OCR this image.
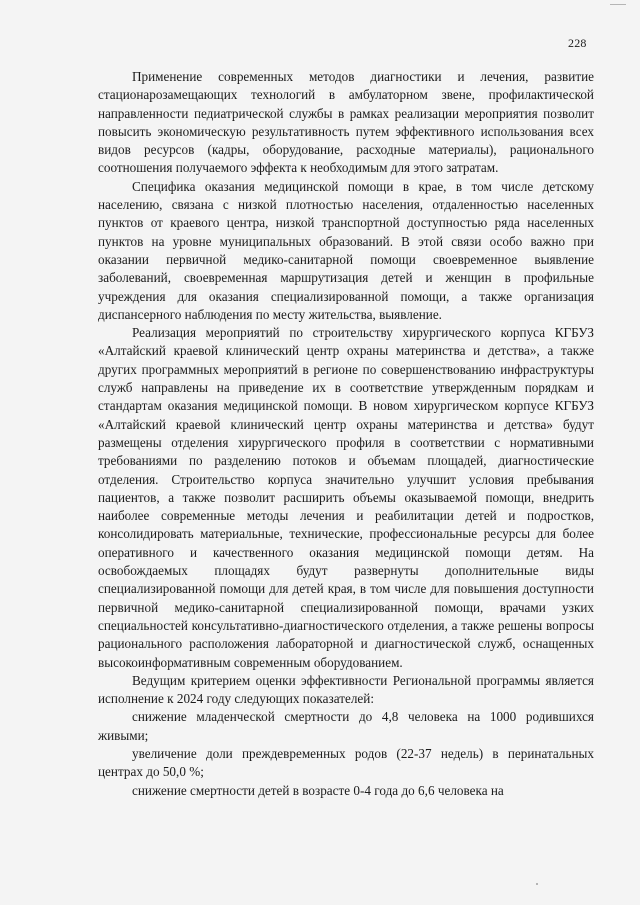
228

Применение современных методов диагностики и лечения, развитие стационарозамещающих технологий в амбулаторном звене, профилактической направленности педиатрической службы в рамках реализации мероприятия позволит повысить экономическую результативность путем эффективного использования всех видов ресурсов (кадры, оборудование, расходные материалы), рационального соотношения получаемого эффекта к необходимым для этого затратам.

Специфика оказания медицинской помощи в крае, в том числе детскому населению, связана с низкой плотностью населения, отдаленностью населенных пунктов от краевого центра, низкой транспортной доступностью ряда населенных пунктов на уровне муниципальных образований. В этой связи особо важно при оказании первичной медико-санитарной помощи своевременное выявление заболеваний, своевременная маршрутизация детей и женщин в профильные учреждения для оказания специализированной помощи, а также организация диспансерного наблюдения по месту жительства, выявление.

Реализация мероприятий по строительству хирургического корпуса КГБУЗ «Алтайский краевой клинический центр охраны материнства и детства», а также других программных мероприятий в регионе по совершенствованию инфраструктуры служб направлены на приведение их в соответствие утвержденным порядкам и стандартам оказания медицинской помощи. В новом хирургическом корпусе КГБУЗ «Алтайский краевой клинический центр охраны материнства и детства» будут размещены отделения хирургического профиля в соответствии с нормативными требованиями по разделению потоков и объемам площадей, диагностические отделения. Строительство корпуса значительно улучшит условия пребывания пациентов, а также позволит расширить объемы оказываемой помощи, внедрить наиболее современные методы лечения и реабилитации детей и подростков, консолидировать материальные, технические, профессиональные ресурсы для более оперативного и качественного оказания медицинской помощи детям. На освобождаемых площадях будут развернуты дополнительные виды специализированной помощи для детей края, в том числе для повышения доступности первичной медико-санитарной специализированной помощи, врачами узких специальностей консультативно-диагностического отделения, а также решены вопросы рационального расположения лабораторной и диагностической служб, оснащенных высокоинформативным современным оборудованием.

Ведущим критерием оценки эффективности Региональной программы является исполнение к 2024 году следующих показателей:

снижение младенческой смертности до 4,8 человека на 1000 родившихся живыми;

увеличение доли преждевременных родов (22-37 недель) в перинатальных центрах до 50,0 %;

снижение смертности детей в возрасте 0-4 года до 6,6 человека на
